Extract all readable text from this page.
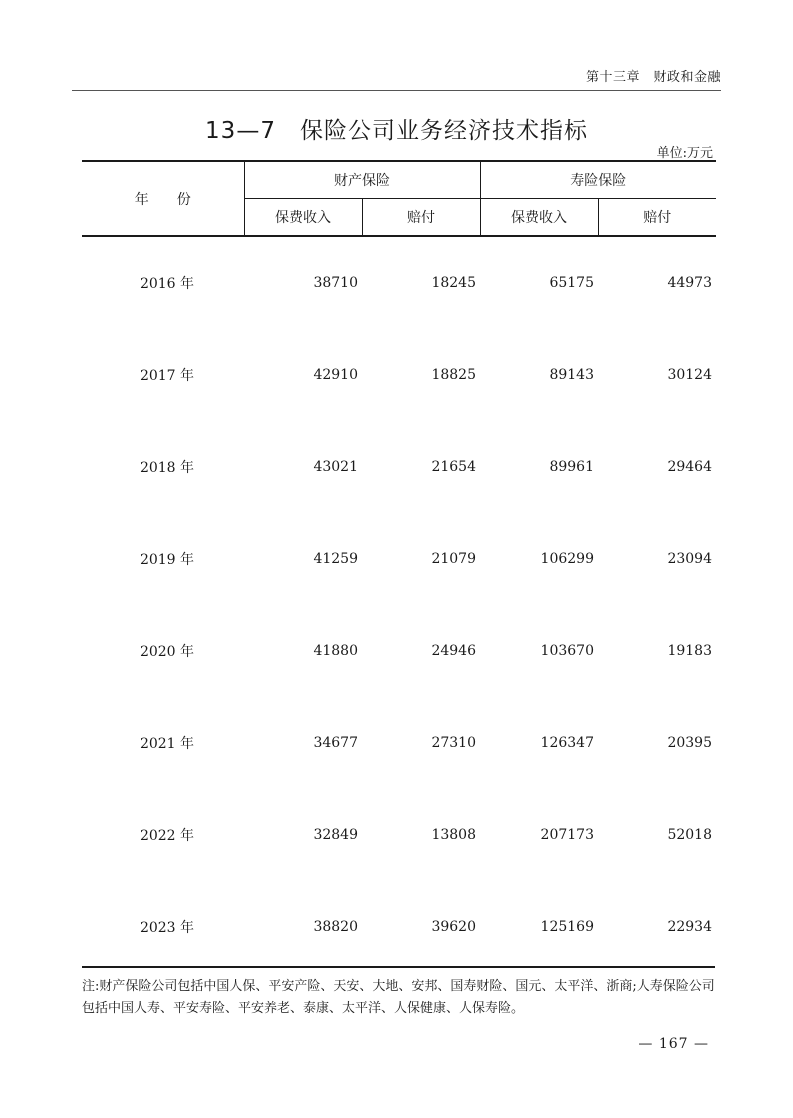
第十三章　财政和金融
13—7　保险公司业务经济技术指标
单位:万元
年　　份	财产保险		寿险保险	
	保费收入	赔付	保费收入	赔付
2016 年	38710	18245	65175	44973
2017 年	42910	18825	89143	30124
2018 年	43021	21654	89961	29464
2019 年	41259	21079	106299	23094
2020 年	41880	24946	103670	19183
2021 年	34677	27310	126347	20395
2022 年	32849	13808	207173	52018
2023 年	38820	39620	125169	22934
注:财产保险公司包括中国人保、平安产险、天安、大地、安邦、国寿财险、国元、太平洋、浙商;人寿保险公司包括中国人寿、平安寿险、平安养老、泰康、太平洋、人保健康、人保寿险。
— 167 —
